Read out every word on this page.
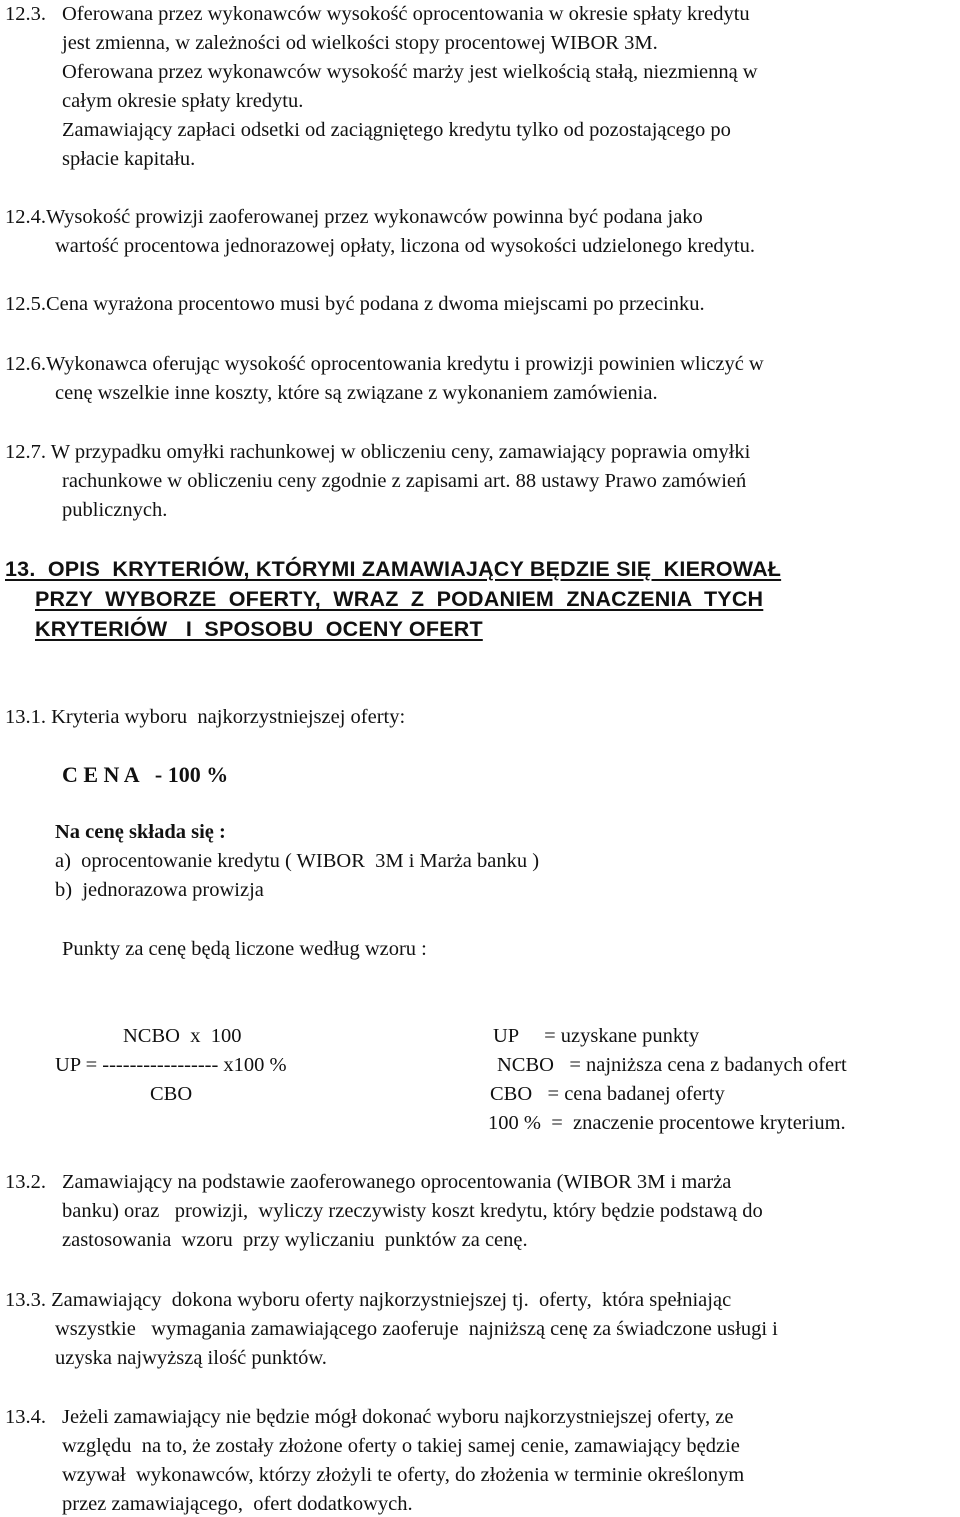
12.3. Oferowana przez wykonawców wysokość oprocentowania w okresie spłaty kredytu
jest zmienna, w zależności od wielkości stopy procentowej WIBOR 3M.
Oferowana przez wykonawców wysokość marży jest wielkością stałą, niezmienną w
całym okresie spłaty kredytu.
Zamawiający zapłaci odsetki od zaciągniętego kredytu tylko od pozostającego po
spłacie kapitału.
12.4.Wysokość prowizji zaoferowanej przez wykonawców powinna być podana jako
wartość procentowa jednorazowej opłaty, liczona od wysokości udzielonego kredytu.
12.5.Cena wyrażona procentowo musi być podana z dwoma miejscami po przecinku.
12.6.Wykonawca oferując wysokość oprocentowania kredytu i prowizji powinien wliczyć w
cenę wszelkie inne koszty, które są związane z wykonaniem zamówienia.
12.7. W przypadku omyłki rachunkowej w obliczeniu ceny, zamawiający poprawia omyłki
rachunkowe w obliczeniu ceny zgodnie z zapisami art. 88 ustawy Prawo zamówień
publicznych.
13.  OPIS  KRYTERIÓW, KTÓRYMI ZAMAWIAJĄCY BĘDZIE SIĘ  KIEROWAŁ
PRZY  WYBORZE  OFERTY,  WRAZ  Z  PODANIEM  ZNACZENIA  TYCH
KRYTERIÓW   I  SPOSOBU  OCENY OFERT
13.1. Kryteria wyboru  najkorzystniejszej oferty:
C E N A   - 100 %
Na cenę składa się :
a)  oprocentowanie kredytu ( WIBOR  3M i Marża banku )
b)  jednorazowa prowizja
Punkty za cenę będą liczone według wzoru :
NCBO  x  100
UP = ----------------- x100 %
CBO
UP     = uzyskane punkty
NCBO   = najniższa cena z badanych ofert
CBO   = cena badanej oferty
100 %  =  znaczenie procentowe kryterium.
13.2. Zamawiający na podstawie zaoferowanego oprocentowania (WIBOR 3M i marża
banku) oraz   prowizji,  wyliczy rzeczywisty koszt kredytu, który będzie podstawą do
zastosowania  wzoru  przy wyliczaniu  punktów za cenę.
13.3. Zamawiający  dokona wyboru oferty najkorzystniejszej tj.  oferty,  która spełniając
wszystkie   wymagania zamawiającego zaoferuje  najniższą cenę za świadczone usługi i
uzyska najwyższą ilość punktów.
13.4. Jeżeli zamawiający nie będzie mógł dokonać wyboru najkorzystniejszej oferty, ze
względu  na to, że zostały złożone oferty o takiej samej cenie, zamawiający będzie
wzywał  wykonawców, którzy złożyli te oferty, do złożenia w terminie określonym
przez zamawiającego,  ofert dodatkowych.
